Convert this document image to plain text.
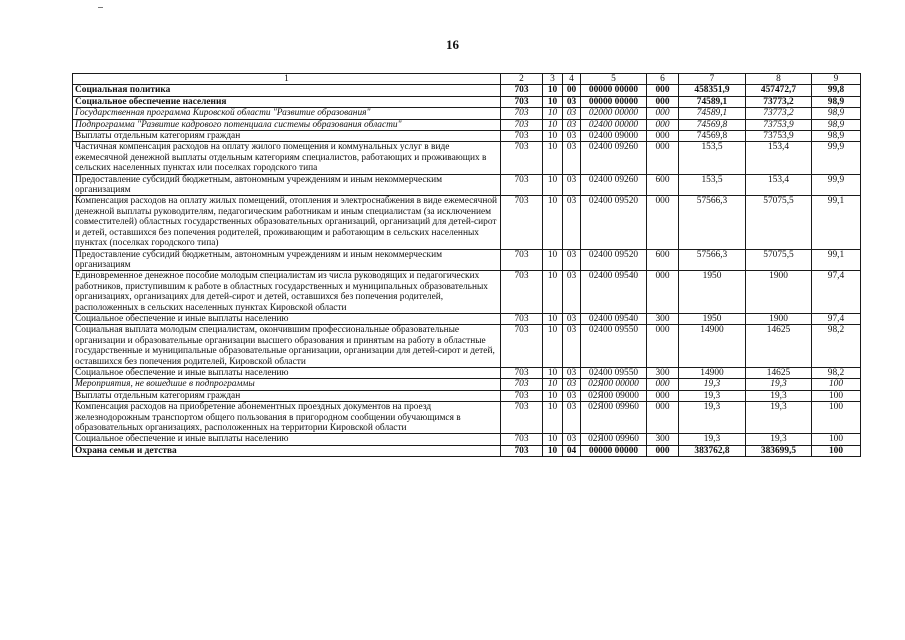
16
1	2	3	4	5	6	7	8	9
Социальная политика	703	10	00	00000 00000	000	458351,9	457472,7	99,8
Социальное обеспечение населения	703	10	03	00000 00000	000	74589,1	73773,2	98,9
Государственная программа Кировской области "Развитие образования"	703	10	03	02000 00000	000	74589,1	73773,2	98,9
Подпрограмма "Развитие кадрового потенциала системы образования области"	703	10	03	02400 00000	000	74569,8	73753,9	98,9
Выплаты отдельным категориям граждан	703	10	03	02400 09000	000	74569,8	73753,9	98,9
Частичная компенсация расходов на оплату жилого помещения и коммунальных услуг в виде ежемесячной денежной выплаты отдельным категориям специалистов, работающих и проживающих в сельских населенных пунктах или поселках городского типа	703	10	03	02400 09260	000	153,5	153,4	99,9
Предоставление субсидий бюджетным, автономным учреждениям и иным некоммерческим организациям	703	10	03	02400 09260	600	153,5	153,4	99,9
Компенсация расходов на оплату жилых помещений, отопления и электроснабжения в виде ежемесячной денежной выплаты руководителям, педагогическим работникам и иным специалистам (за исключением совместителей) областных государственных образовательных организаций, организаций для детей-сирот и детей, оставшихся без попечения родителей, проживающим и работающим в сельских населенных пунктах (поселках городского типа)	703	10	03	02400 09520	000	57566,3	57075,5	99,1
Предоставление субсидий бюджетным, автономным учреждениям и иным некоммерческим организациям	703	10	03	02400 09520	600	57566,3	57075,5	99,1
Единовременное денежное пособие молодым специалистам из числа руководящих и педагогических работников, приступившим к работе в областных государственных и муниципальных образовательных организациях, организациях для детей-сирот и детей, оставшихся без попечения родителей, расположенных в сельских населенных пунктах Кировской области	703	10	03	02400 09540	000	1950	1900	97,4
Социальное обеспечение и иные выплаты населению	703	10	03	02400 09540	300	1950	1900	97,4
Социальная выплата молодым специалистам, окончившим профессиональные образовательные организации и образовательные организации высшего образования и принятым на работу в областные государственные и муниципальные образовательные организации, организации для детей-сирот и детей, оставшихся без попечения родителей, Кировской области	703	10	03	02400 09550	000	14900	14625	98,2
Социальное обеспечение и иные выплаты населению	703	10	03	02400 09550	300	14900	14625	98,2
Мероприятия, не вошедшие в подпрограммы	703	10	03	02Я00 00000	000	19,3	19,3	100
Выплаты отдельным категориям граждан	703	10	03	02Я00 09000	000	19,3	19,3	100
Компенсация расходов на приобретение абонементных проездных документов на проезд железнодорожным транспортом общего пользования в пригородном сообщении обучающимся в образовательных организациях, расположенных на территории Кировской области	703	10	03	02Я00 09960	000	19,3	19,3	100
Социальное обеспечение и иные выплаты населению	703	10	03	02Я00 09960	300	19,3	19,3	100
Охрана семьи и детства	703	10	04	00000 00000	000	383762,8	383699,5	100
